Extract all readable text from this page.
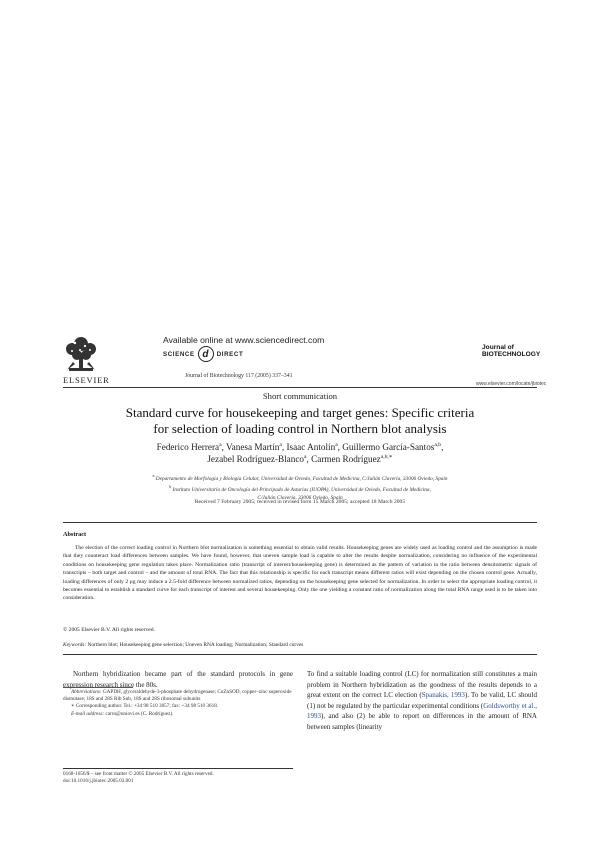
ELSEVIER
Available online at www.sciencedirect.com
SCIENCE d	DIRECT
Journal of Biotechnology 117 (2005) 337–341
Journal of
BIOTECHNOLOGY
www.elsevier.com/locate/jbiotec
Short communication
Standard curve for housekeeping and target genes: Specific criteria
for selection of loading control in Northern blot analysis
Federico Herrera$^a$, Vanesa Martín$^a$, Isaac Antolín$^a$, Guillermo García-Santos$^{a,b}$,
Jezabel Rodríguez-Blanco$^a$, Carmen Rodríguez$^{a,b,∗}$
$^a$ Departamento de Morfología y Biología Celular, Universidad de Oviedo, Facultad de Medicina, C/Julián Clavería, 33006 Oviedo, Spain
$^b$ Instituto Universitario de Oncología del Principado de Asturias (IUOPA), Universidad de Oviedo, Facultad de Medicina,
C/Julián Clavería, 33006 Oviedo, Spain
Received 7 February 2005; received in revised form 15 March 2005; accepted 18 March 2005
Abstract
The election of the correct loading control in Northern blot normalization is something essential to obtain valid results. Housekeeping genes are widely used as loading control and the assumption is made that they counteract load differences between samples. We have found, however, that uneven sample load is capable to alter the results despite normalization, considering no influence of the experimental conditions on housekeeping gene regulation takes place. Normalization ratio (transcript of interest/housekeeping gene) is determined as the pattern of variation in the ratio between densitometric signals of transcripts – both target and control – and the amount of total RNA. The fact that this relationship is specific for each transcript means different ratios will exist depending on the chosen control gene. Actually, loading differences of only 2 μg may induce a 2.5-fold difference between normalized ratios, depending on the housekeeping gene selected for normalization. In order to select the appropriate loading control, it becomes essential to establish a standard curve for each transcript of interest and several housekeeping. Only the one yielding a constant ratio of normalization along the total RNA range used is to be taken into consideration.
© 2005 Elsevier B.V. All rights reserved.
Keywords: Northern blot; Housekeeping gene selection; Uneven RNA loading; Normalization; Standard curves
Northern hybridization became part of the standard protocols in gene expression research since the 80s.

Abbreviations: GAPDH, glyceraldehyde-3-phosphate dehydrogenase; CuZnSOD, copper–zinc superoxide dismutase; 18S and 28S Rib Sub, 18S and 28S ribosomal subunits

∗ Corresponding author. Tel.: +34 98 510 3057; fax: +34 98 510 3618.

E-mail address: carro@uniovi.es (C. Rodríguez).

To find a suitable loading control (LC) for normalization still constitutes a main problem in Northern hybridization as the goodness of the results depends to a great extent on the correct LC election (Spanakis, 1993). To be valid, LC should (1) not be regulated by the particular experimental conditions (Goldsworthy et al., 1993), and also (2) be able to report on differences in the amount of RNA between samples (linearity
0168-1656/$ – see front matter © 2005 Elsevier B.V. All rights reserved.
doi:10.1016/j.jbiotec.2005.03.001
